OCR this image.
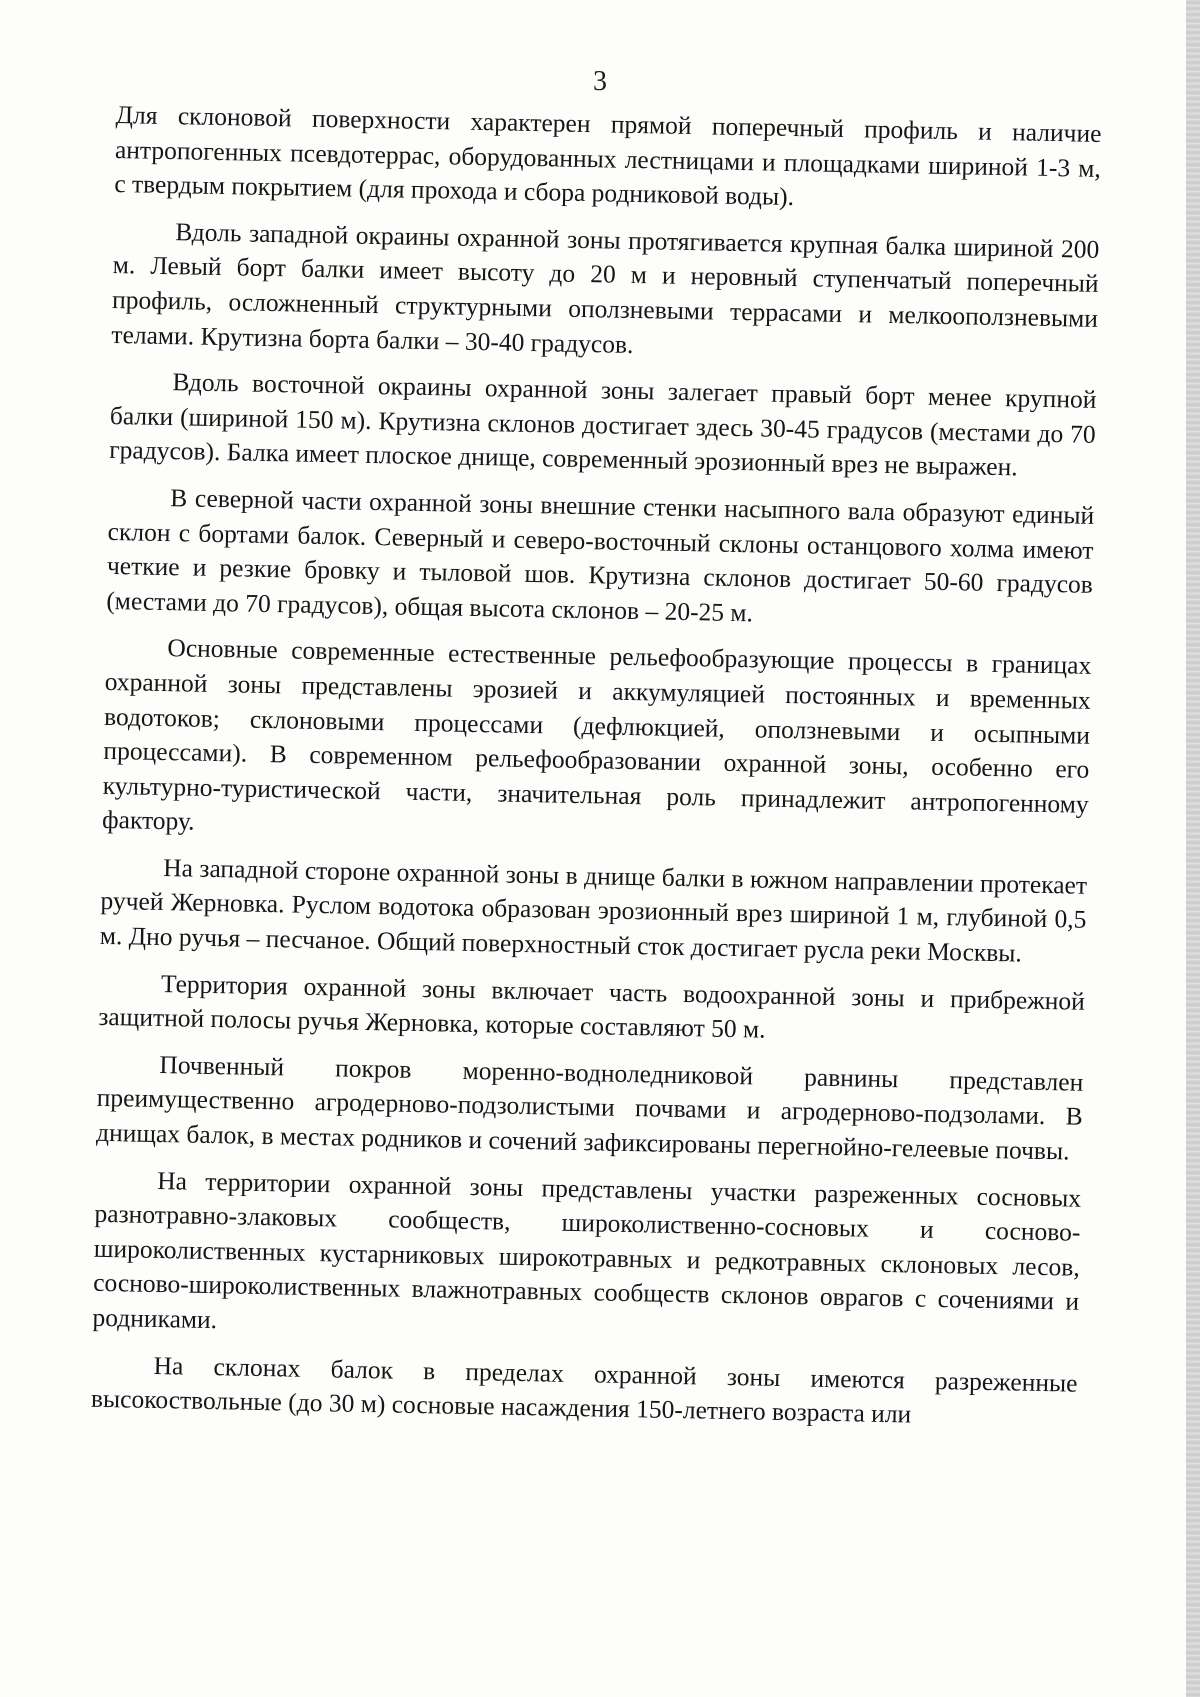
3

Для склоновой поверхности характерен прямой поперечный профиль и наличие антропогенных псевдотеррас, оборудованных лестницами и площадками шириной 1-3 м, с твердым покрытием (для прохода и сбора родниковой воды).

Вдоль западной окраины охранной зоны протягивается крупная балка шириной 200 м. Левый борт балки имеет высоту до 20 м и неровный ступенчатый поперечный профиль, осложненный структурными оползневыми террасами и мелкооползневыми телами. Крутизна борта балки – 30-40 градусов.

Вдоль восточной окраины охранной зоны залегает правый борт менее крупной балки (шириной 150 м). Крутизна склонов достигает здесь 30-45 градусов (местами до 70 градусов). Балка имеет плоское днище, современный эрозионный врез не выражен.

В северной части охранной зоны внешние стенки насыпного вала образуют единый склон с бортами балок. Северный и северо-восточный склоны останцового холма имеют четкие и резкие бровку и тыловой шов. Крутизна склонов достигает 50-60 градусов (местами до 70 градусов), общая высота склонов – 20-25 м.

Основные современные естественные рельефообразующие процессы в границах охранной зоны представлены эрозией и аккумуляцией постоянных и временных водотоков; склоновыми процессами (дефлюкцией, оползневыми и осыпными процессами). В современном рельефообразовании охранной зоны, особенно его культурно-туристической части, значительная роль принадлежит антропогенному фактору.

На западной стороне охранной зоны в днище балки в южном направлении протекает ручей Жерновка. Руслом водотока образован эрозионный врез шириной 1 м, глубиной 0,5 м. Дно ручья – песчаное. Общий поверхностный сток достигает русла реки Москвы.

Территория охранной зоны включает часть водоохранной зоны и прибрежной защитной полосы ручья Жерновка, которые составляют 50 м.

Почвенный покров моренно-водноледниковой равнины представлен преимущественно агродерново-подзолистыми почвами и агродерново-подзолами. В днищах балок, в местах родников и сочений зафиксированы перегнойно-гелеевые почвы.

На территории охранной зоны представлены участки разреженных сосновых разнотравно-злаковых сообществ, широколиственно-сосновых и сосново-широколиственных кустарниковых широкотравных и редкотравных склоновых лесов, сосново-широколиственных влажнотравных сообществ склонов оврагов с сочениями и родниками.

На склонах балок в пределах охранной зоны имеются разреженные высокоствольные (до 30 м) сосновые насаждения 150-летнего возраста или
